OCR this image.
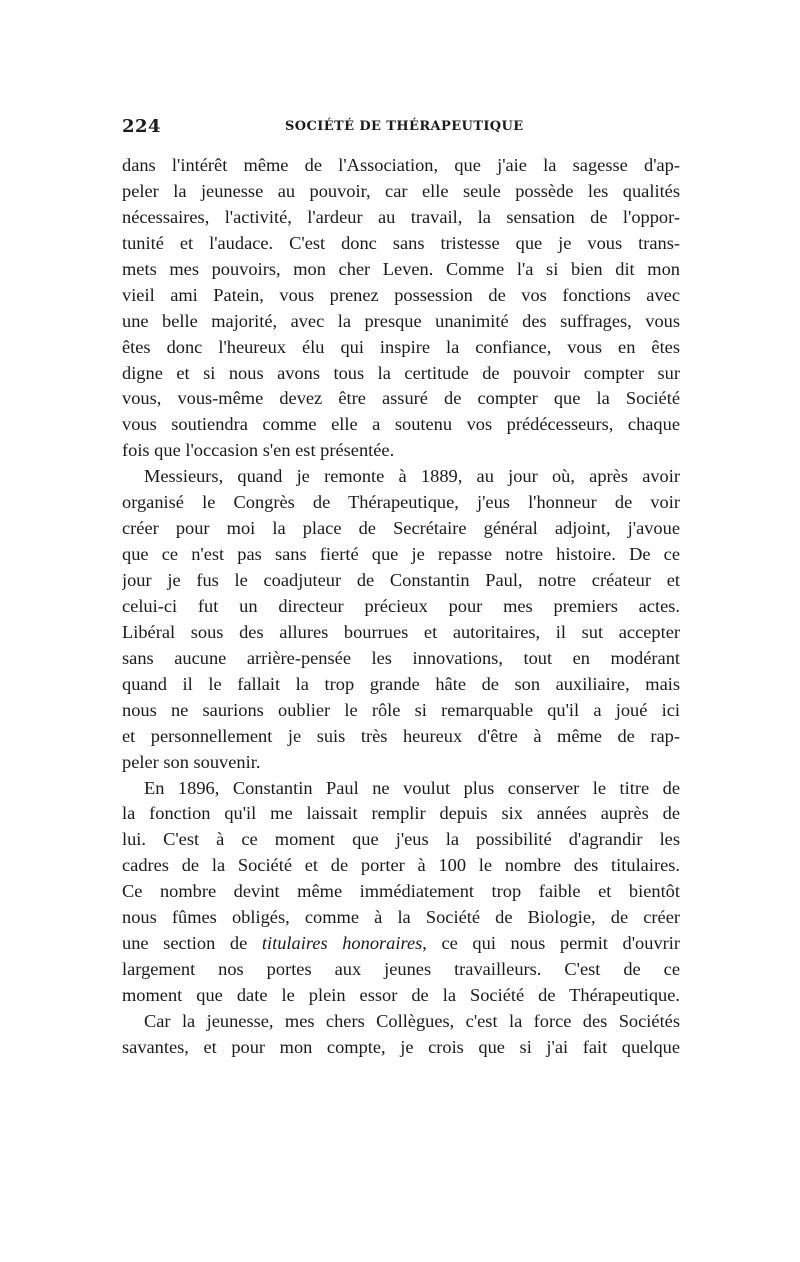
224	SOCIÉTÉ DE THÉRAPEUTIQUE
dans l'intérêt même de l'Association, que j'aie la sagesse d'ap-
peler la jeunesse au pouvoir, car elle seule possède les qualités
nécessaires, l'activité, l'ardeur au travail, la sensation de l'oppor-
tunité et l'audace. C'est donc sans tristesse que je vous trans-
mets mes pouvoirs, mon cher Leven. Comme l'a si bien dit mon
vieil ami Patein, vous prenez possession de vos fonctions avec
une belle majorité, avec la presque unanimité des suffrages, vous
êtes donc l'heureux élu qui inspire la confiance, vous en êtes
digne et si nous avons tous la certitude de pouvoir compter sur
vous, vous-même devez être assuré de compter que la Société
vous soutiendra comme elle a soutenu vos prédécesseurs, chaque
fois que l'occasion s'en est présentée.
Messieurs, quand je remonte à 1889, au jour où, après avoir
organisé le Congrès de Thérapeutique, j'eus l'honneur de voir
créer pour moi la place de Secrétaire général adjoint, j'avoue
que ce n'est pas sans fierté que je repasse notre histoire. De ce
jour je fus le coadjuteur de Constantin Paul, notre créateur et
celui-ci fut un directeur précieux pour mes premiers actes.
Libéral sous des allures bourrues et autoritaires, il sut accepter
sans aucune arrière-pensée les innovations, tout en modérant
quand il le fallait la trop grande hâte de son auxiliaire, mais
nous ne saurions oublier le rôle si remarquable qu'il a joué ici
et personnellement je suis très heureux d'être à même de rap-
peler son souvenir.
En 1896, Constantin Paul ne voulut plus conserver le titre de
la fonction qu'il me laissait remplir depuis six années auprès de
lui. C'est à ce moment que j'eus la possibilité d'agrandir les
cadres de la Société et de porter à 100 le nombre des titulaires.
Ce nombre devint même immédiatement trop faible et bientôt
nous fûmes obligés, comme à la Société de Biologie, de créer
une section de titulaires honoraires, ce qui nous permit d'ouvrir
largement nos portes aux jeunes travailleurs. C'est de ce
moment que date le plein essor de la Société de Thérapeutique.
Car la jeunesse, mes chers Collègues, c'est la force des Sociétés
savantes, et pour mon compte, je crois que si j'ai fait quelque
